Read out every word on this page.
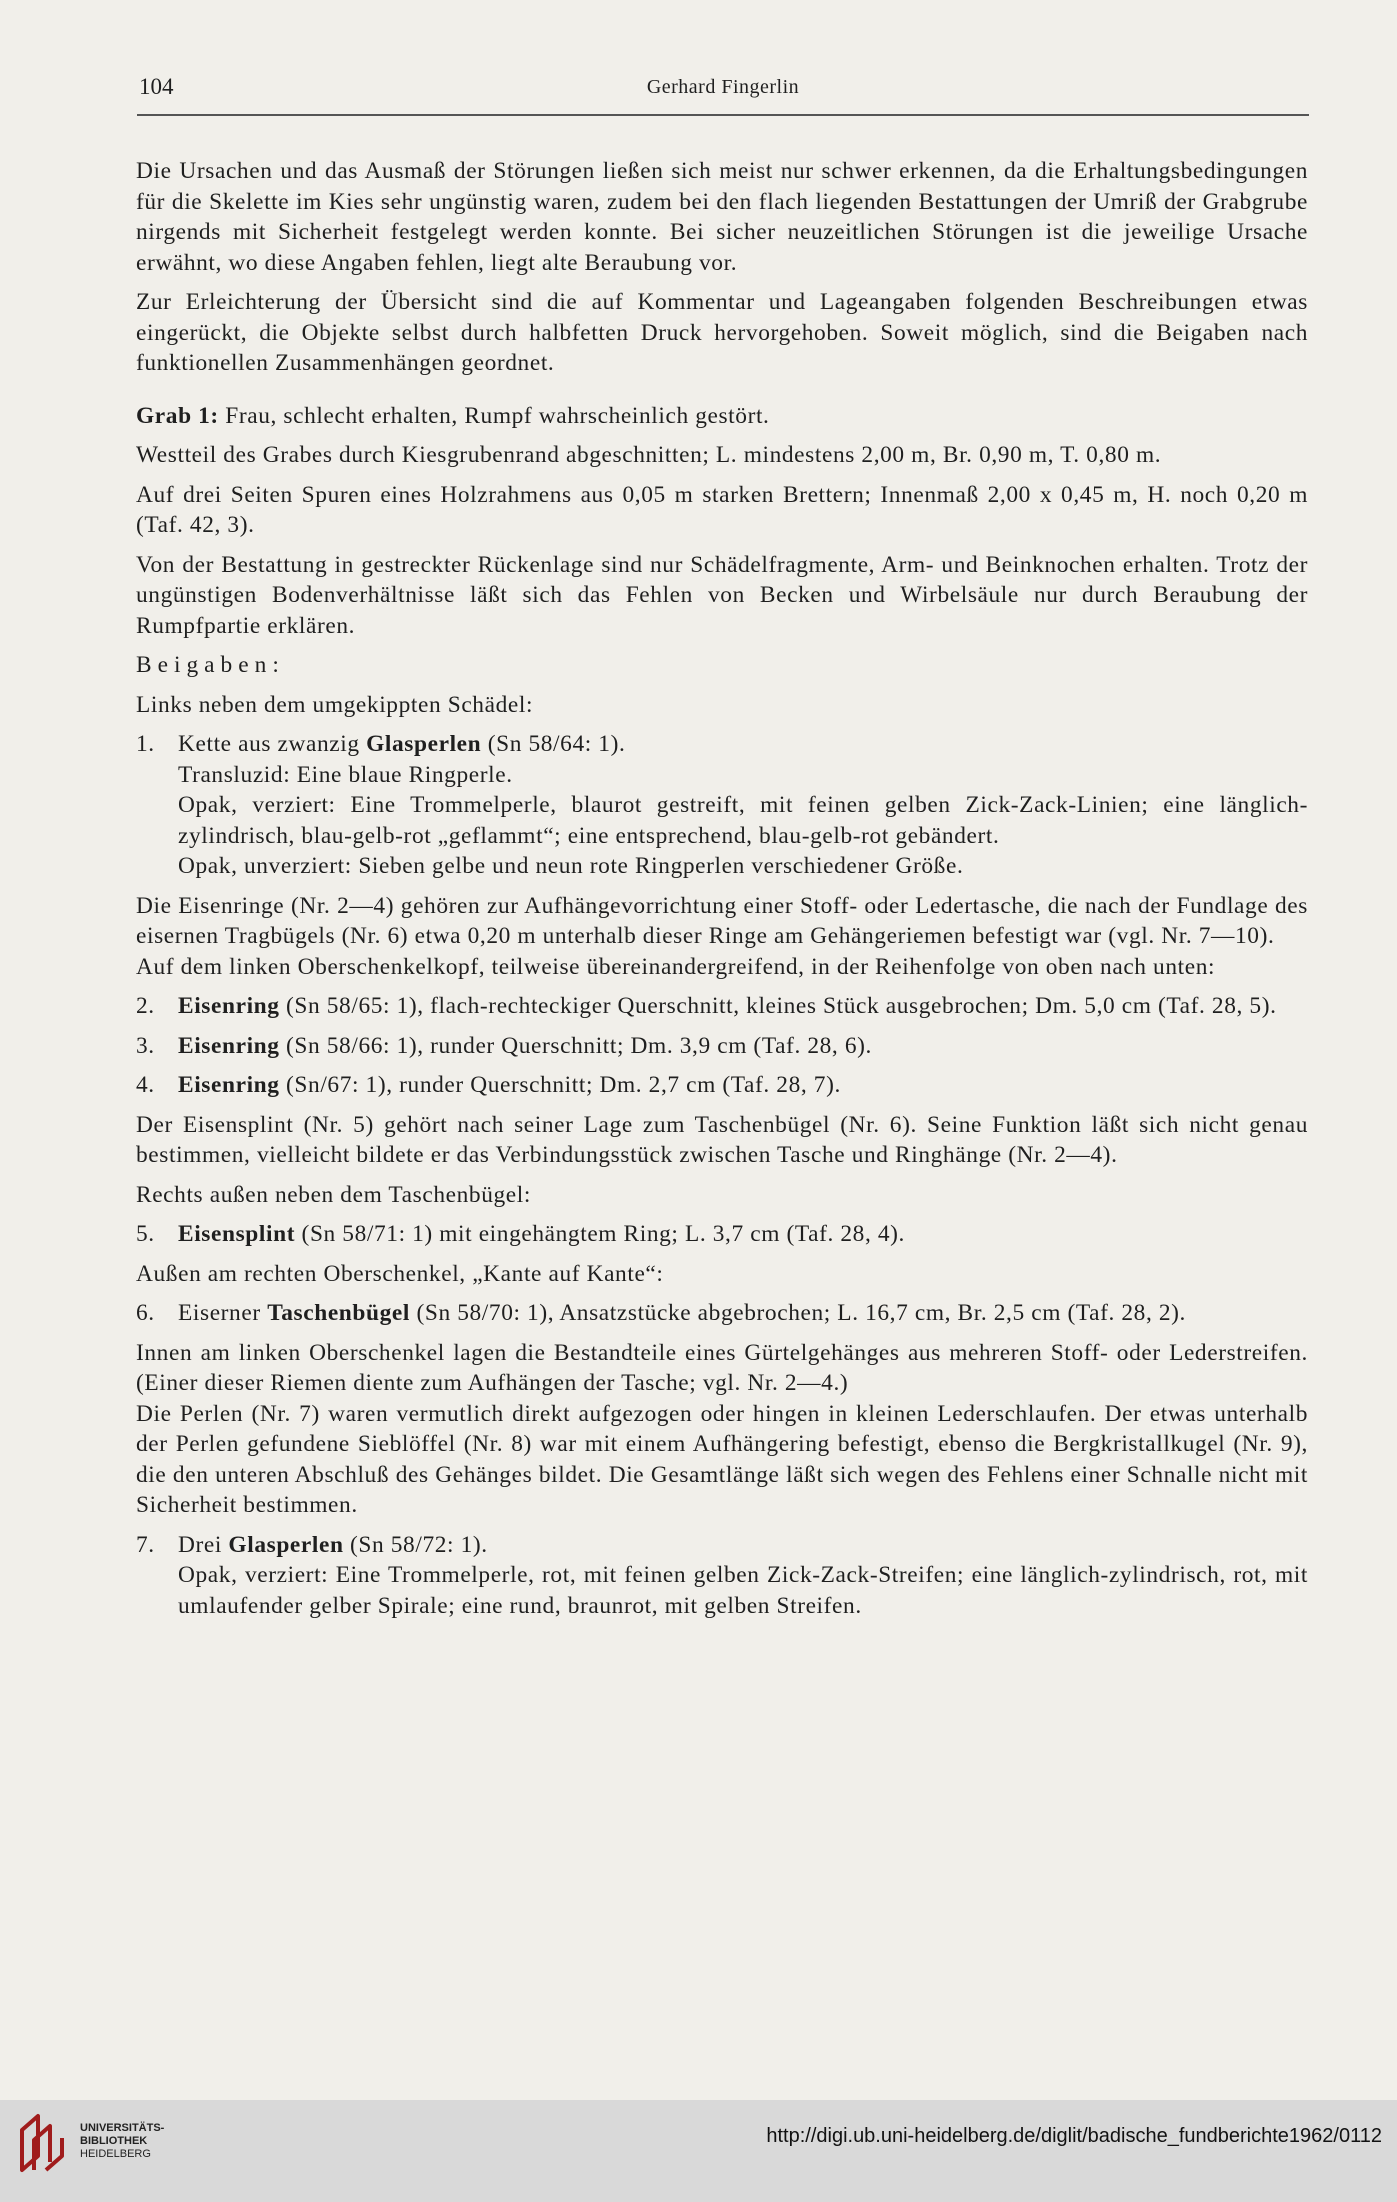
104	Gerhard Fingerlin

Die Ursachen und das Ausmaß der Störungen ließen sich meist nur schwer erkennen, da die Erhaltungsbedingungen für die Skelette im Kies sehr ungünstig waren, zudem bei den flach liegenden Bestattungen der Umriß der Grabgrube nirgends mit Sicherheit festgelegt werden konnte. Bei sicher neuzeitlichen Störungen ist die jeweilige Ursache erwähnt, wo diese Angaben fehlen, liegt alte Beraubung vor.

Zur Erleichterung der Übersicht sind die auf Kommentar und Lageangaben folgenden Beschreibungen etwas eingerückt, die Objekte selbst durch halbfetten Druck hervorgehoben. Soweit möglich, sind die Beigaben nach funktionellen Zusammenhängen geordnet.

Grab 1: Frau, schlecht erhalten, Rumpf wahrscheinlich gestört.

Westteil des Grabes durch Kiesgrubenrand abgeschnitten; L. mindestens 2,00 m, Br. 0,90 m, T. 0,80 m.

Auf drei Seiten Spuren eines Holzrahmens aus 0,05 m starken Brettern; Innenmaß 2,00 x 0,45 m, H. noch 0,20 m (Taf. 42, 3).

Von der Bestattung in gestreckter Rückenlage sind nur Schädelfragmente, Arm- und Beinknochen erhalten. Trotz der ungünstigen Bodenverhältnisse läßt sich das Fehlen von Becken und Wirbelsäule nur durch Beraubung der Rumpfpartie erklären.

Beigaben:

Links neben dem umgekippten Schädel:

1. Kette aus zwanzig Glasperlen (Sn 58/64: 1).

Transluzid: Eine blaue Ringperle.

Opak, verziert: Eine Trommelperle, blaurot gestreift, mit feinen gelben Zick-Zack-Linien; eine länglich-zylindrisch, blau-gelb-rot „geflammt“; eine entsprechend, blau-gelb-rot gebändert.

Opak, unverziert: Sieben gelbe und neun rote Ringperlen verschiedener Größe.

Die Eisenringe (Nr. 2—4) gehören zur Aufhängevorrichtung einer Stoff- oder Ledertasche, die nach der Fundlage des eisernen Tragbügels (Nr. 6) etwa 0,20 m unterhalb dieser Ringe am Gehängeriemen befestigt war (vgl. Nr. 7—10).

Auf dem linken Oberschenkelkopf, teilweise übereinandergreifend, in der Reihenfolge von oben nach unten:

2. Eisenring (Sn 58/65: 1), flach-rechteckiger Querschnitt, kleines Stück ausgebrochen; Dm. 5,0 cm (Taf. 28, 5).

3. Eisenring (Sn 58/66: 1), runder Querschnitt; Dm. 3,9 cm (Taf. 28, 6).

4. Eisenring (Sn/67: 1), runder Querschnitt; Dm. 2,7 cm (Taf. 28, 7).

Der Eisensplint (Nr. 5) gehört nach seiner Lage zum Taschenbügel (Nr. 6). Seine Funktion läßt sich nicht genau bestimmen, vielleicht bildete er das Verbindungsstück zwischen Tasche und Ringhänge (Nr. 2—4).

Rechts außen neben dem Taschenbügel:

5. Eisensplint (Sn 58/71: 1) mit eingehängtem Ring; L. 3,7 cm (Taf. 28, 4).

Außen am rechten Oberschenkel, „Kante auf Kante“:

6. Eiserner Taschenbügel (Sn 58/70: 1), Ansatzstücke abgebrochen; L. 16,7 cm, Br. 2,5 cm (Taf. 28, 2).

Innen am linken Oberschenkel lagen die Bestandteile eines Gürtelgehänges aus mehreren Stoff- oder Lederstreifen. (Einer dieser Riemen diente zum Aufhängen der Tasche; vgl. Nr. 2—4.)

Die Perlen (Nr. 7) waren vermutlich direkt aufgezogen oder hingen in kleinen Lederschlaufen. Der etwas unterhalb der Perlen gefundene Sieblöffel (Nr. 8) war mit einem Aufhängering befestigt, ebenso die Bergkristallkugel (Nr. 9), die den unteren Abschluß des Gehänges bildet. Die Gesamtlänge läßt sich wegen des Fehlens einer Schnalle nicht mit Sicherheit bestimmen.

7. Drei Glasperlen (Sn 58/72: 1).

Opak, verziert: Eine Trommelperle, rot, mit feinen gelben Zick-Zack-Streifen; eine länglich-zylindrisch, rot, mit umlaufender gelber Spirale; eine rund, braunrot, mit gelben Streifen.

UNIVERSITÄTS-
BIBLIOTHEK
HEIDELBERG
http://digi.ub.uni-heidelberg.de/diglit/badische_fundberichte1962/0112
